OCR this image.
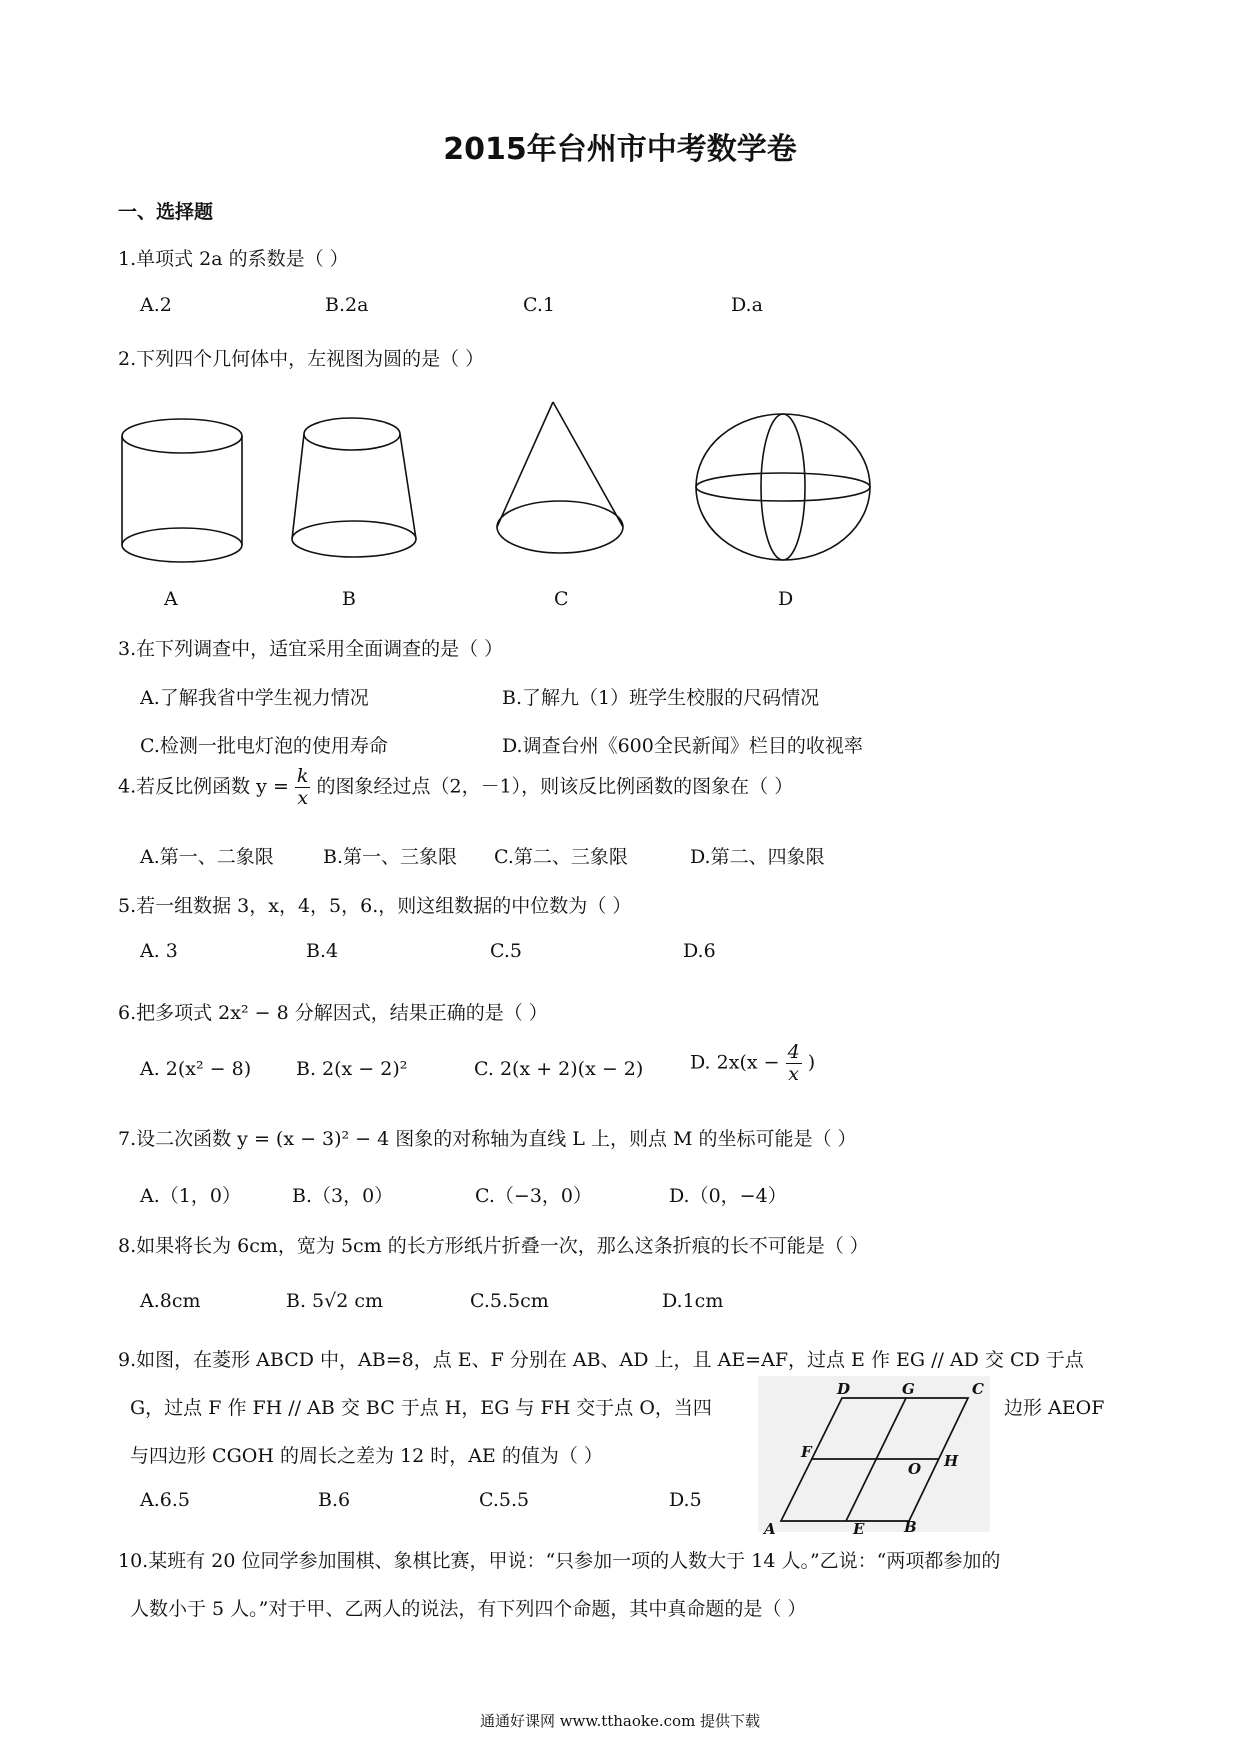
2015年台州市中考数学卷
一、选择题
1.单项式 2a 的系数是（ ）
A.2	B.2a	C.1	D.a
2.下列四个几何体中，左视图为圆的是（ ）
A	B	C	D
3.在下列调查中，适宜采用全面调查的是（ ）
A.了解我省中学生视力情况	B.了解九（1）班学生校服的尺码情况
C.检测一批电灯泡的使用寿命	D.调查台州《600全民新闻》栏目的收视率
4.若反比例函数 $y = \frac{k}{x}$ 的图象经过点（2，－1），则该反比例函数的图象在（ ）
A.第一、二象限	B.第一、三象限 C.第二、三象限	D.第二、四象限
5.若一组数据 3，x，4，5，6.，则这组数据的中位数为（ ）
A. 3	B.4	C.5	D.6
6.把多项式 2x² − 8 分解因式，结果正确的是（ ）
A. 2(x² − 8) B. 2(x − 2)²	C. 2(x + 2)(x − 2) D. $2x(x - \frac{4}{x}$ )
7.设二次函数 y = (x − 3)² − 4 图象的对称轴为直线 L 上，则点 M 的坐标可能是（ ）
A.（1，0）	B.（3，0）	C.（−3，0）	D.（0，−4）
8.如果将长为 6cm，宽为 5cm 的长方形纸片折叠一次，那么这条折痕的长不可能是（ ）
A.8cm	B. 5√2 cm	C.5.5cm	D.1cm
9.如图，在菱形 ABCD 中，AB=8，点 E、F 分别在 AB、AD 上，且 AE=AF，过点 E 作 EG // AD 交 CD 于点
G，过点 F 作 FH // AB 交 BC 于点 H，EG 与 FH 交于点 O，当四	边形 AEOF
与四边形 CGOH 的周长之差为 12 时，AE 的值为（ ）
A.6.5	B.6	C.5.5	D.5
A	B
C
D
E
F
G
H
O
10.某班有 20 位同学参加围棋、象棋比赛，甲说：“只参加一项的人数大于 14 人。”乙说：“两项都参加的
人数小于 5 人。”对于甲、乙两人的说法，有下列四个命题，其中真命题的是（ ）
通通好课网 www.tthaoke.com 提供下载
